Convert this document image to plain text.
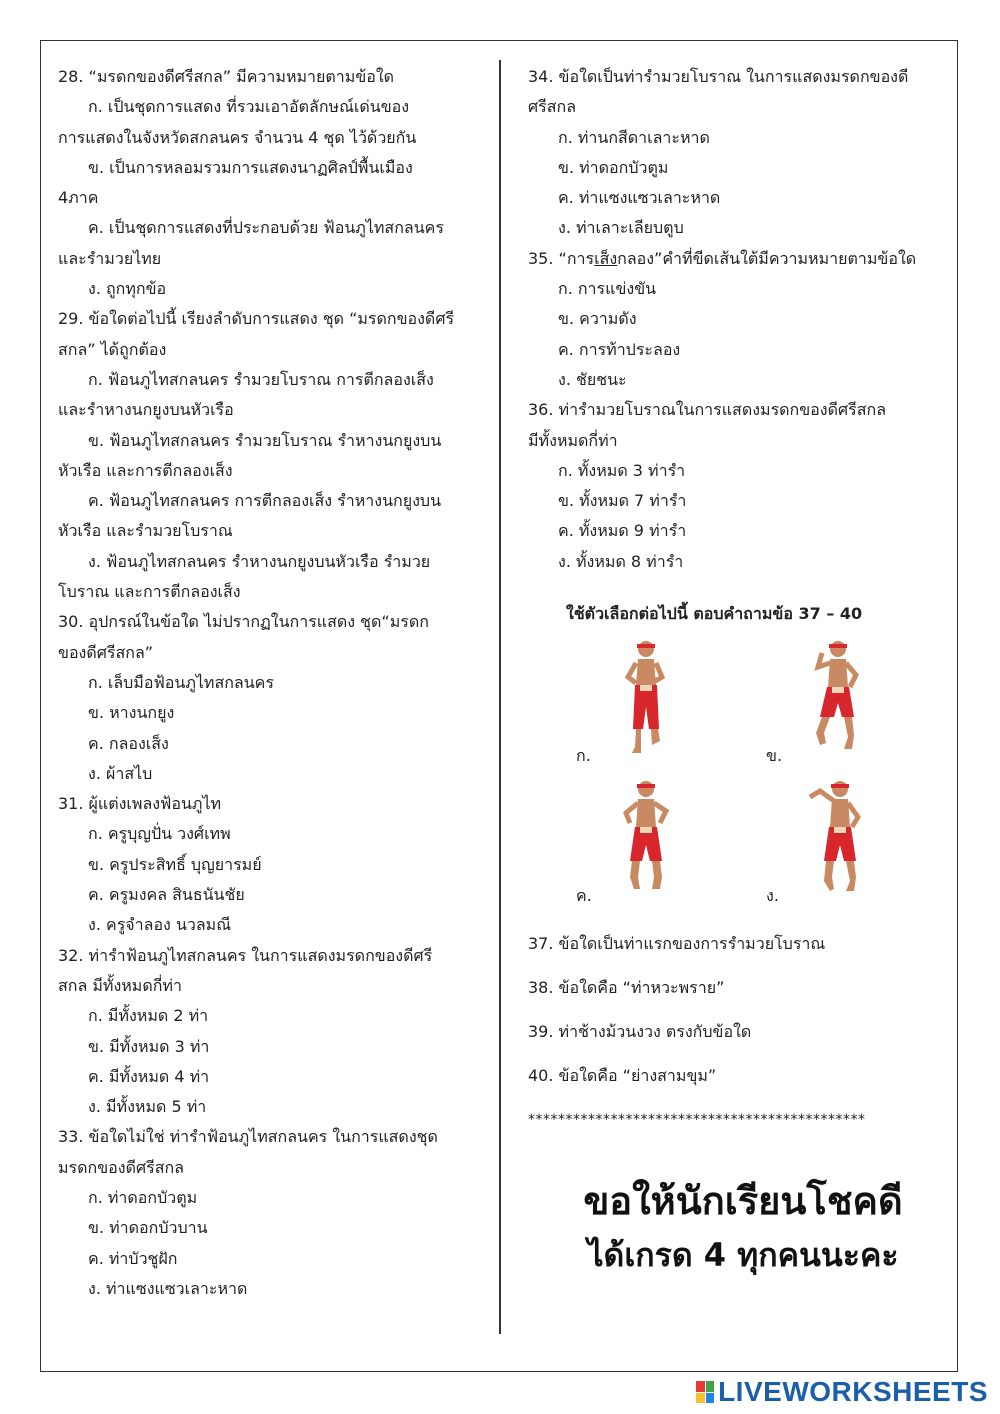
28. “มรดกของดีศรีสกล” มีความหมายตามข้อใด
ก. เป็นชุดการแสดง ที่รวมเอาอัตลักษณ์เด่นของ
การแสดงในจังหวัดสกลนคร จำนวน 4 ชุด ไว้ด้วยกัน
ข. เป็นการหลอมรวมการแสดงนาฏศิลป์พื้นเมือง
4ภาค
ค. เป็นชุดการแสดงที่ประกอบด้วย ฟ้อนภูไทสกลนคร
และรำมวยไทย
ง. ถูกทุกข้อ
29. ข้อใดต่อไปนี้ เรียงลำดับการแสดง ชุด “มรดกของดีศรี
สกล” ได้ถูกต้อง
ก. ฟ้อนภูไทสกลนคร รำมวยโบราณ การตีกลองเส็ง
และรำหางนกยูงบนหัวเรือ
ข. ฟ้อนภูไทสกลนคร รำมวยโบราณ รำหางนกยูงบน
หัวเรือ และการตีกลองเส็ง
ค. ฟ้อนภูไทสกลนคร การตีกลองเส็ง รำหางนกยูงบน
หัวเรือ และรำมวยโบราณ
ง. ฟ้อนภูไทสกลนคร รำหางนกยูงบนหัวเรือ รำมวย
โบราณ และการตีกลองเส็ง
30. อุปกรณ์ในข้อใด ไม่ปรากฏในการแสดง ชุด“มรดก
ของดีศรีสกล”
ก. เล็บมือฟ้อนภูไทสกลนคร
ข. หางนกยูง
ค. กลองเส็ง
ง. ผ้าสไบ
31. ผู้แต่งเพลงฟ้อนภูไท
ก. ครูบุญปั่น วงศ์เทพ
ข. ครูประสิทธิ์ บุญยารมย์
ค. ครูมงคล สินธนันชัย
ง. ครูจำลอง นวลมณี
32. ท่ารำฟ้อนภูไทสกลนคร ในการแสดงมรดกของดีศรี
สกล มีทั้งหมดกี่ท่า
ก. มีทั้งหมด 2 ท่า
ข. มีทั้งหมด 3 ท่า
ค. มีทั้งหมด 4 ท่า
ง. มีทั้งหมด 5 ท่า
33. ข้อใดไม่ใช่ ท่ารำฟ้อนภูไทสกลนคร ในการแสดงชุด
มรดกของดีศรีสกล
ก. ท่าดอกบัวตูม
ข. ท่าดอกบัวบาน
ค. ท่าบัวชูฝัก
ง. ท่าแซงแซวเลาะหาด
34. ข้อใดเป็นท่ารำมวยโบราณ ในการแสดงมรดกของดี
ศรีสกล
ก. ท่านกสีดาเลาะหาด
ข. ท่าดอกบัวตูม
ค. ท่าแซงแซวเลาะหาด
ง. ท่าเลาะเลียบตูบ
35. “การเส็งกลอง”คำที่ขีดเส้นใต้มีความหมายตามข้อใด
ก. การแข่งขัน
ข. ความดัง
ค. การท้าประลอง
ง. ชัยชนะ
36. ท่ารำมวยโบราณในการแสดงมรดกของดีศรีสกล
มีทั้งหมดกี่ท่า
ก. ทั้งหมด 3 ท่ารำ
ข. ทั้งหมด 7 ท่ารำ
ค. ทั้งหมด 9 ท่ารำ
ง. ทั้งหมด 8 ท่ารำ
ใช้ตัวเลือกต่อไปนี้ ตอบคำถามข้อ 37 – 40
ก.	ข.
ค.	ง.
37. ข้อใดเป็นท่าแรกของการรำมวยโบราณ
38. ข้อใดคือ “ท่าหวะพราย”
39. ท่าช้างม้วนงวง ตรงกับข้อใด
40. ข้อใดคือ “ย่างสามขุม”
*********************************************
ขอให้นักเรียนโชคดี
ได้เกรด 4 ทุกคนนะคะ
LIVEWORKSHEETS
